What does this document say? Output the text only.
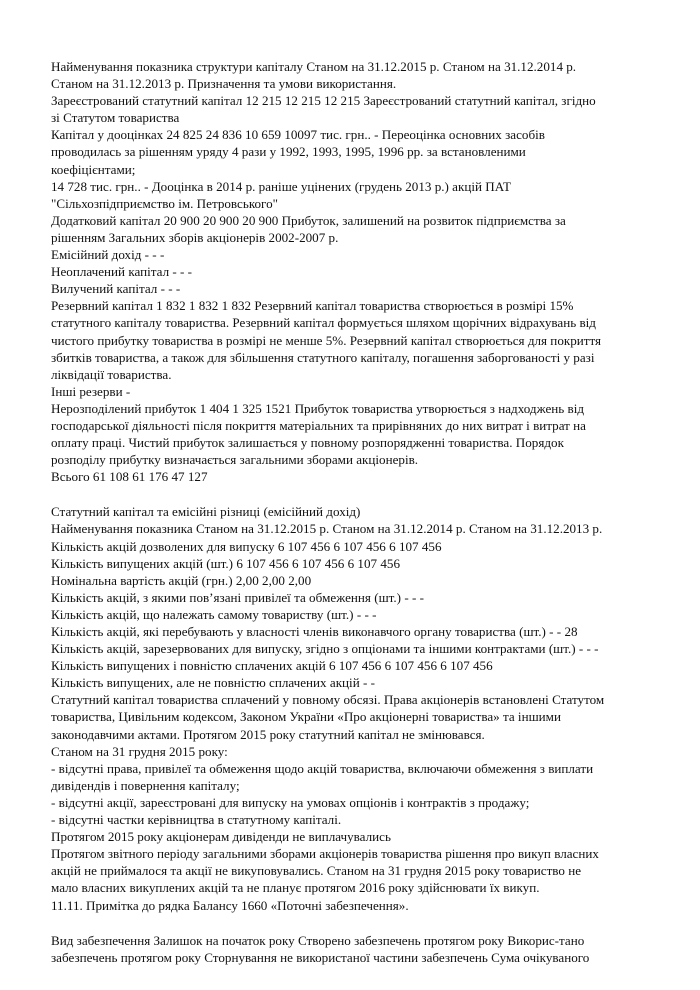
Найменування показника структури капіталу Станом на 31.12.2015 р. Станом на 31.12.2014 р.
Станом на 31.12.2013 р. Призначення та умови використання.
Зареєстрований статутний капітал 12 215 12 215 12 215 Зареєстрований статутний капітал, згідно
зі Статутом товариства
Капітал у дооцінках 24 825 24 836 10 659 10097 тис. грн.. - Переоцінка основних засобів
проводилась за рішенням уряду 4 рази у 1992, 1993, 1995, 1996 рр. за встановленими
коефіцієнтами;
14 728 тис. грн.. - Дооцінка в 2014 р. раніше уцінених (грудень 2013 р.) акцій ПАТ
"Сільхозпідприємство ім. Петровського"
Додатковий капітал 20 900 20 900 20 900 Прибуток, залишений на розвиток підприємства за
рішенням Загальних зборів акціонерів 2002-2007 р.
Емісійний дохід - - -
Неоплачений капітал - - -
Вилучений капітал - - -
Резервний капітал 1 832 1 832 1 832 Резервний капітал товариства створюється в розмірі 15%
статутного капіталу товариства. Резервний капітал формується шляхом щорічних відрахувань від
чистого прибутку товариства в розмірі не менше 5%. Резервний капітал створюється для покриття
збитків товариства, а також для збільшення статутного капіталу, погашення заборгованості у разі
ліквідації товариства.
Інші резерви -
Нерозподілений прибуток 1 404 1 325 1521 Прибуток товариства утворюється з надходжень від
господарської діяльності після покриття матеріальних та прирівняних до них витрат і витрат на
оплату праці. Чистий прибуток залишається у повному розпорядженні товариства. Порядок
розподілу прибутку визначається загальними зборами акціонерів.
Всього 61 108 61 176 47 127
Статутний капітал та емісійні різниці (емісійний дохід)
Найменування показника Станом на 31.12.2015 р. Станом на 31.12.2014 р. Станом на 31.12.2013 р.
Кількість акцій дозволених для випуску 6 107 456 6 107 456 6 107 456
Кількість випущених акцій (шт.) 6 107 456 6 107 456 6 107 456
Номінальна вартість акцій (грн.) 2,00 2,00 2,00
Кількість акцій, з якими пов’язані привілеї та обмеження (шт.) - - -
Кількість акцій, що належать самому товариству (шт.) - - -
Кількість акцій, які перебувають у власності членів виконавчого органу товариства (шт.) - - 28
Кількість акцій, зарезервованих для випуску, згідно з опціонами та іншими контрактами (шт.) - - -
Кількість випущених і повністю сплачених акцій 6 107 456 6 107 456 6 107 456
Кількість випущених, але не повністю сплачених акцій - -
Статутний капітал товариства сплачений у повному обсязі. Права акціонерів встановлені Статутом
товариства, Цивільним кодексом, Законом України «Про акціонерні товариства» та іншими
законодавчими актами. Протягом 2015 року статутний капітал не змінювався.
Станом на 31 грудня 2015 року:
- відсутні права, привілеї та обмеження щодо акцій товариства, включаючи обмеження з виплати
дивідендів і повернення капіталу;
- відсутні акції, зареєстровані для випуску на умовах опціонів і контрактів з продажу;
- відсутні частки керівництва в статутному капіталі.
Протягом 2015 року акціонерам дивіденди не виплачувались
Протягом звітного періоду загальними зборами акціонерів товариства рішення про викуп власних
акцій не приймалося та акції не викуповувались. Станом на 31 грудня 2015 року товариство не
мало власних викуплених акцій та не планує протягом 2016 року здійснювати їх викуп.
11.11. Примітка до рядка Балансу 1660 «Поточні забезпечення».
Вид забезпечення Залишок на початок року Створено забезпечень протягом року Викорис-тано
забезпечень протягом року Сторнування не використаної частини забезпечень Сума очікуваного
